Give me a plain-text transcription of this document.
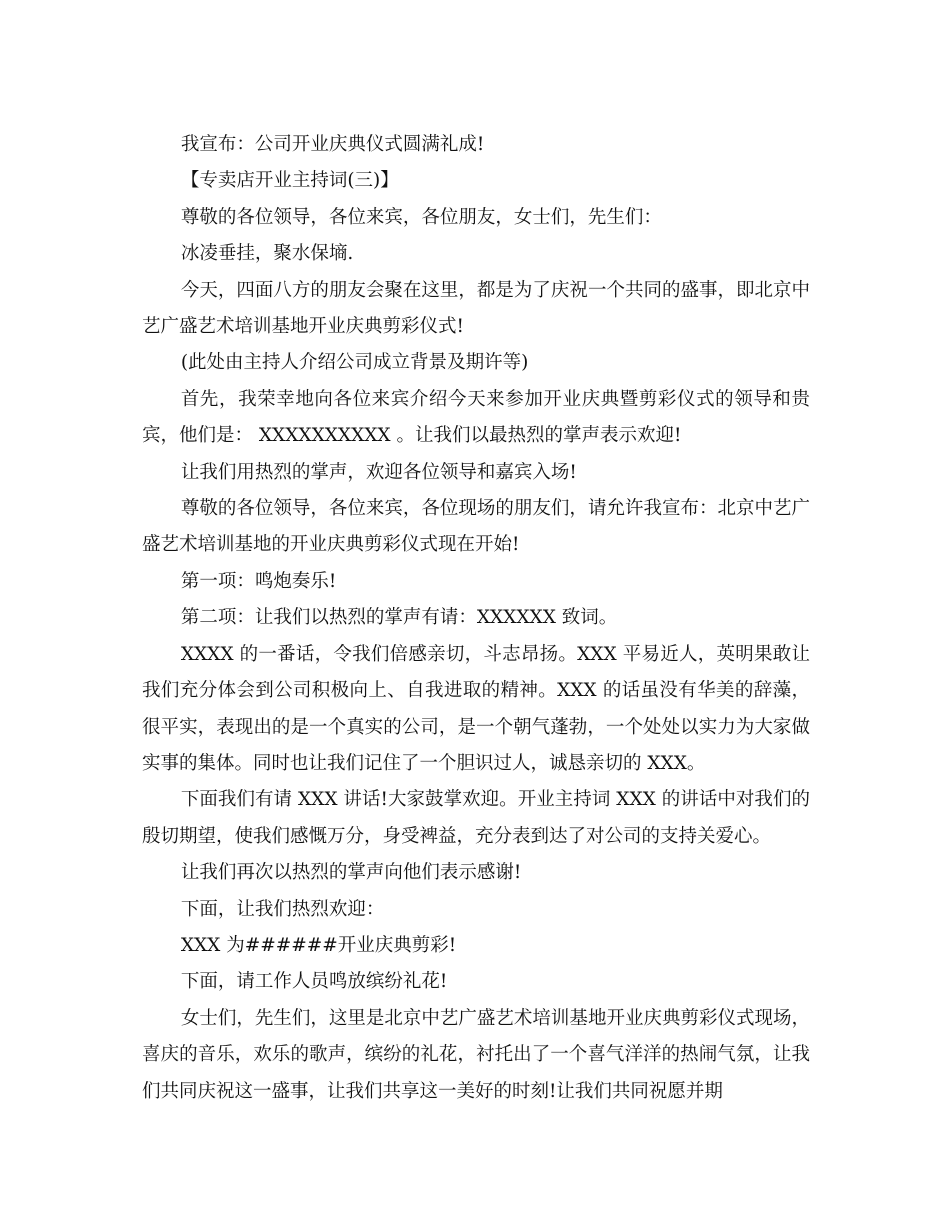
我宣布：公司开业庆典仪式圆满礼成!

【专卖店开业主持词(三)】

尊敬的各位领导，各位来宾，各位朋友，女士们，先生们：

冰凌垂挂，聚水保墒.

今天，四面八方的朋友会聚在这里，都是为了庆祝一个共同的盛事，即北京中艺广盛艺术培训基地开业庆典剪彩仪式!

(此处由主持人介绍公司成立背景及期许等)

首先，我荣幸地向各位来宾介绍今天来参加开业庆典暨剪彩仪式的领导和贵宾，他们是： XXXXXXXXXX 。让我们以最热烈的掌声表示欢迎!

让我们用热烈的掌声，欢迎各位领导和嘉宾入场!

尊敬的各位领导，各位来宾，各位现场的朋友们，请允许我宣布：北京中艺广盛艺术培训基地的开业庆典剪彩仪式现在开始!

第一项：鸣炮奏乐!

第二项：让我们以热烈的掌声有请：XXXXXX 致词。

XXXX 的一番话，令我们倍感亲切，斗志昂扬。XXX 平易近人，英明果敢让我们充分体会到公司积极向上、自我进取的精神。XXX 的话虽没有华美的辞藻，很平实，表现出的是一个真实的公司，是一个朝气蓬勃，一个处处以实力为大家做实事的集体。同时也让我们记住了一个胆识过人，诚恳亲切的 XXX。

下面我们有请 XXX 讲话!大家鼓掌欢迎。开业主持词 XXX 的讲话中对我们的殷切期望，使我们感慨万分，身受裨益，充分表到达了对公司的支持关爱心。

让我们再次以热烈的掌声向他们表示感谢!

下面，让我们热烈欢迎：

XXX 为######开业庆典剪彩!

下面，请工作人员鸣放缤纷礼花!

女士们，先生们，这里是北京中艺广盛艺术培训基地开业庆典剪彩仪式现场，喜庆的音乐，欢乐的歌声，缤纷的礼花，衬托出了一个喜气洋洋的热闹气氛，让我们共同庆祝这一盛事，让我们共享这一美好的时刻!让我们共同祝愿并期
